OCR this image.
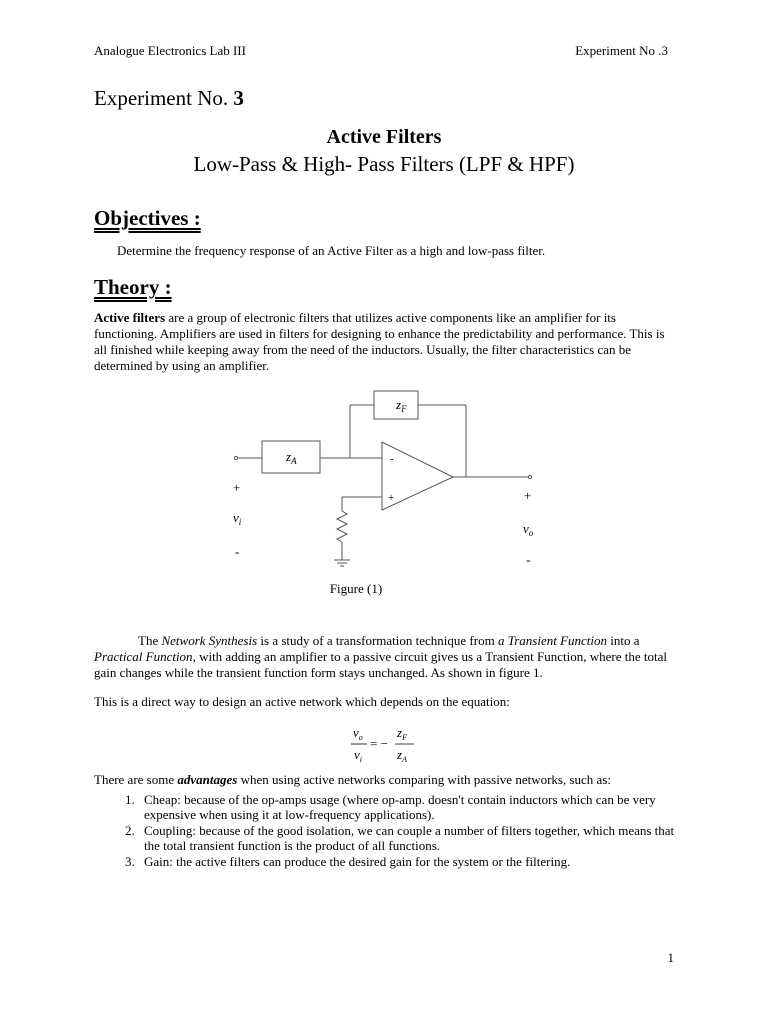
Analogue Electronics Lab III	Experiment No .3
Experiment No. 3
Active Filters
Low-Pass & High- Pass Filters (LPF & HPF)
Objectives :
Determine the frequency response of an Active Filter as a high and low-pass filter.
Theory :
Active filters are a group of electronic filters that utilizes active components like an amplifier for its functioning. Amplifiers are used in filters for designing to enhance the predictability and performance. This is all finished while keeping away from the need of the inductors. Usually, the filter characteristics can be determined by using an amplifier.
$z_F$
$z_A$	-
+
+
$v_i$
-
+
$v_o$
-
Figure (1)
The Network Synthesis is a study of a transformation technique from a Transient Function into a Practical Function, with adding an amplifier to a passive circuit gives us a Transient Function, where the total gain changes while the transient function form stays unchanged. As shown in figure 1.
This is a direct way to design an active network which depends on the equation:
$v_o$
$v_i$
$z_F$
$z_A$
= −
There are some advantages when using active networks comparing with passive networks, such as:
1. Cheap: because of the op-amps usage (where op-amp. doesn't contain inductors which can be very expensive when using it at low-frequency applications).
2. Coupling: because of the good isolation, we can couple a number of filters together, which means that the total transient function is the product of all functions.
3. Gain: the active filters can produce the desired gain for the system or the filtering.
1
